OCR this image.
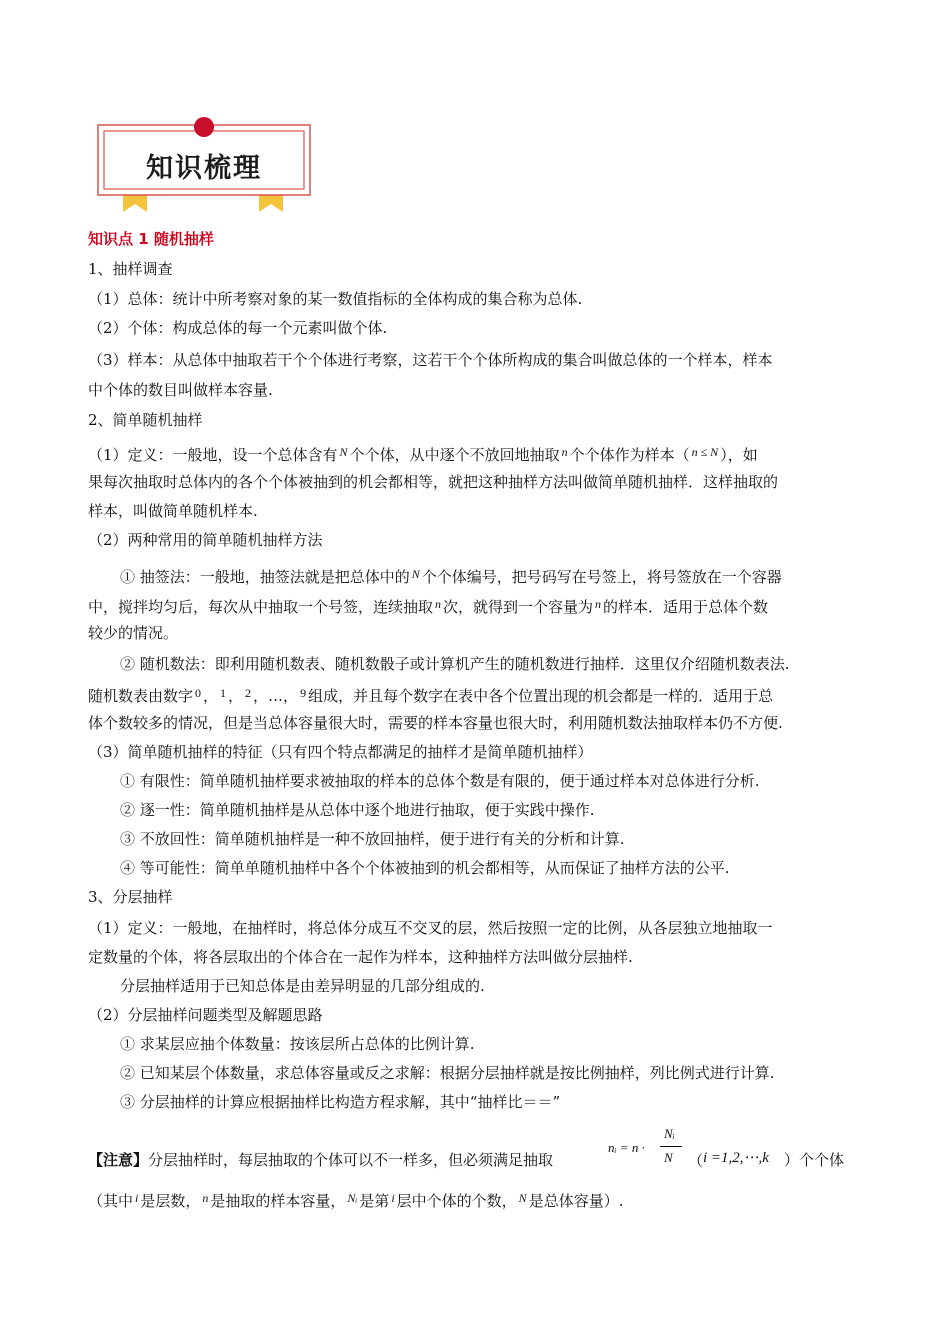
知识梳理
知识点 1 随机抽样
1、抽样调查
（1）总体：统计中所考察对象的某一数值指标的全体构成的集合称为总体.
（2）个体：构成总体的每一个元素叫做个体.
（3）样本：从总体中抽取若干个个体进行考察，这若干个个体所构成的集合叫做总体的一个样本，样本
中个体的数目叫做样本容量.
2、简单随机抽样
（1）定义：一般地，设一个总体含有 $^N$ 个个体，从中逐个不放回地抽取 $^n$ 个个体作为样本（ $^{n \le N}$ ），如
果每次抽取时总体内的各个个体被抽到的机会都相等，就把这种抽样方法叫做简单随机抽样．这样抽取的
样本，叫做简单随机样本.
（2）两种常用的简单随机抽样方法
① 抽签法：一般地，抽签法就是把总体中的 $^N$ 个个体编号，把号码写在号签上，将号签放在一个容器
中，搅拌均匀后，每次从中抽取一个号签，连续抽取 $^n$ 次，就得到一个容量为 $^n$ 的样本．适用于总体个数
较少的情况。
② 随机数法：即利用随机数表、随机数骰子或计算机产生的随机数进行抽样．这里仅介绍随机数表法.
随机数表由数字 $^0$ ， $^1$ ， $^2$ ，…， $^9$ 组成，并且每个数字在表中各个位置出现的机会都是一样的．适用于总
体个数较多的情况，但是当总体容量很大时，需要的样本容量也很大时，利用随机数法抽取样本仍不方便.
（3）简单随机抽样的特征（只有四个特点都满足的抽样才是简单随机抽样）
① 有限性：简单随机抽样要求被抽取的样本的总体个数是有限的，便于通过样本对总体进行分析.
② 逐一性：简单随机抽样是从总体中逐个地进行抽取，便于实践中操作.
③ 不放回性：简单随机抽样是一种不放回抽样，便于进行有关的分析和计算.
④ 等可能性：简单单随机抽样中各个个体被抽到的机会都相等，从而保证了抽样方法的公平.
3、分层抽样
（1）定义：一般地，在抽样时，将总体分成互不交叉的层，然后按照一定的比例，从各层独立地抽取一
定数量的个体，将各层取出的个体合在一起作为样本，这种抽样方法叫做分层抽样.
分层抽样适用于已知总体是由差异明显的几部分组成的.
（2）分层抽样问题类型及解题思路
① 求某层应抽个体数量：按该层所占总体的比例计算.
② 已知某层个体数量，求总体容量或反之求解：根据分层抽样就是按比例抽样，列比例式进行计算.
③ 分层抽样的计算应根据抽样比构造方程求解，其中“抽样比＝＝”
【注意】分层抽样时，每层抽取的个体可以不一样多，但必须满足抽取
nᵢ = n ·
Nᵢ
N （ i =1,2,⋯,k ）个个体
（其中 $^i$ 是层数， $^n$ 是抽取的样本容量， $^{Nᵢ}$ 是第 $^i$ 层中个体的个数， $^N$ 是总体容量）.
